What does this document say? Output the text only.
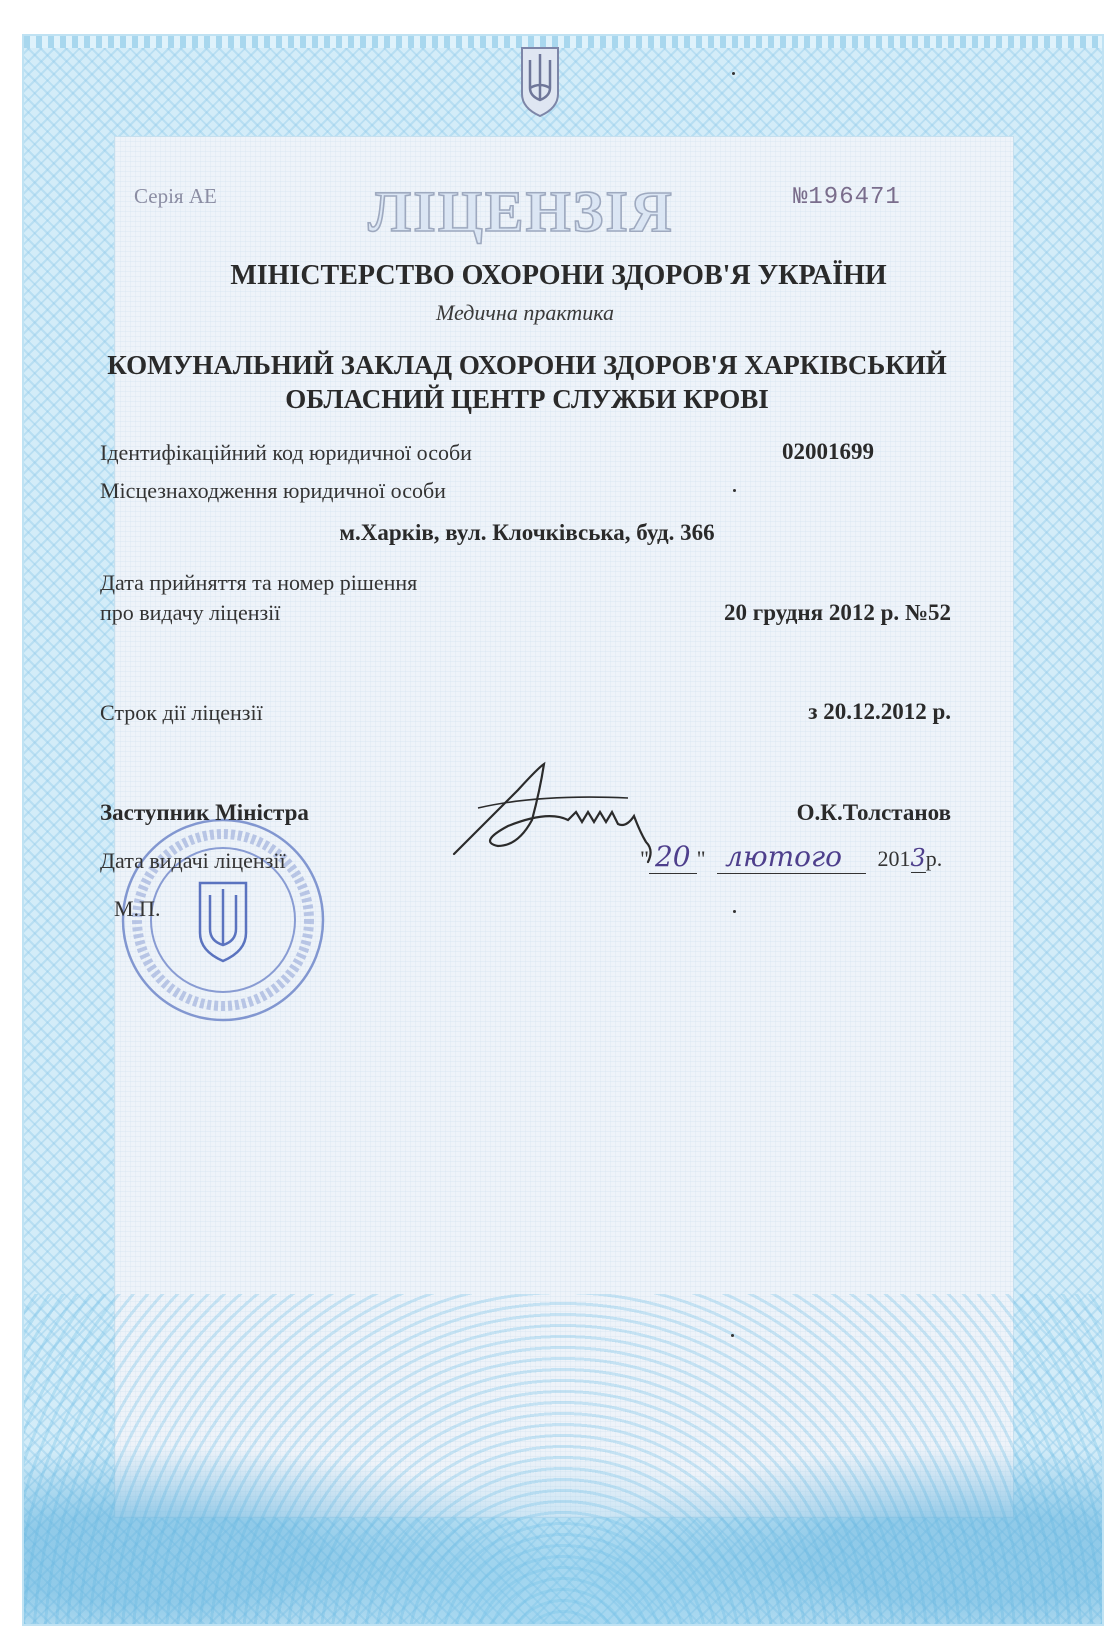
Серія АЕ	ЛІЦЕНЗІЯ	№196471
МІНІСТЕРСТВО ОХОРОНИ ЗДОРОВ'Я УКРАЇНИ
Медична практика
КОМУНАЛЬНИЙ ЗАКЛАД ОХОРОНИ ЗДОРОВ'Я ХАРКІВСЬКИЙ
ОБЛАСНИЙ ЦЕНТР СЛУЖБИ КРОВІ
Ідентифікаційний код юридичної особи	02001699
Місцезнаходження юридичної особи
м.Харків, вул. Клочківська, буд. 366
Дата прийняття та номер рішення
про видачу ліцензії	20 грудня 2012 р. №52
Строк дії ліцензії	з 20.12.2012 р.
Заступник Міністра	О.К.Толстанов
Дата видачі ліцензії	" 20 " лютого 2013р.
М.П.
